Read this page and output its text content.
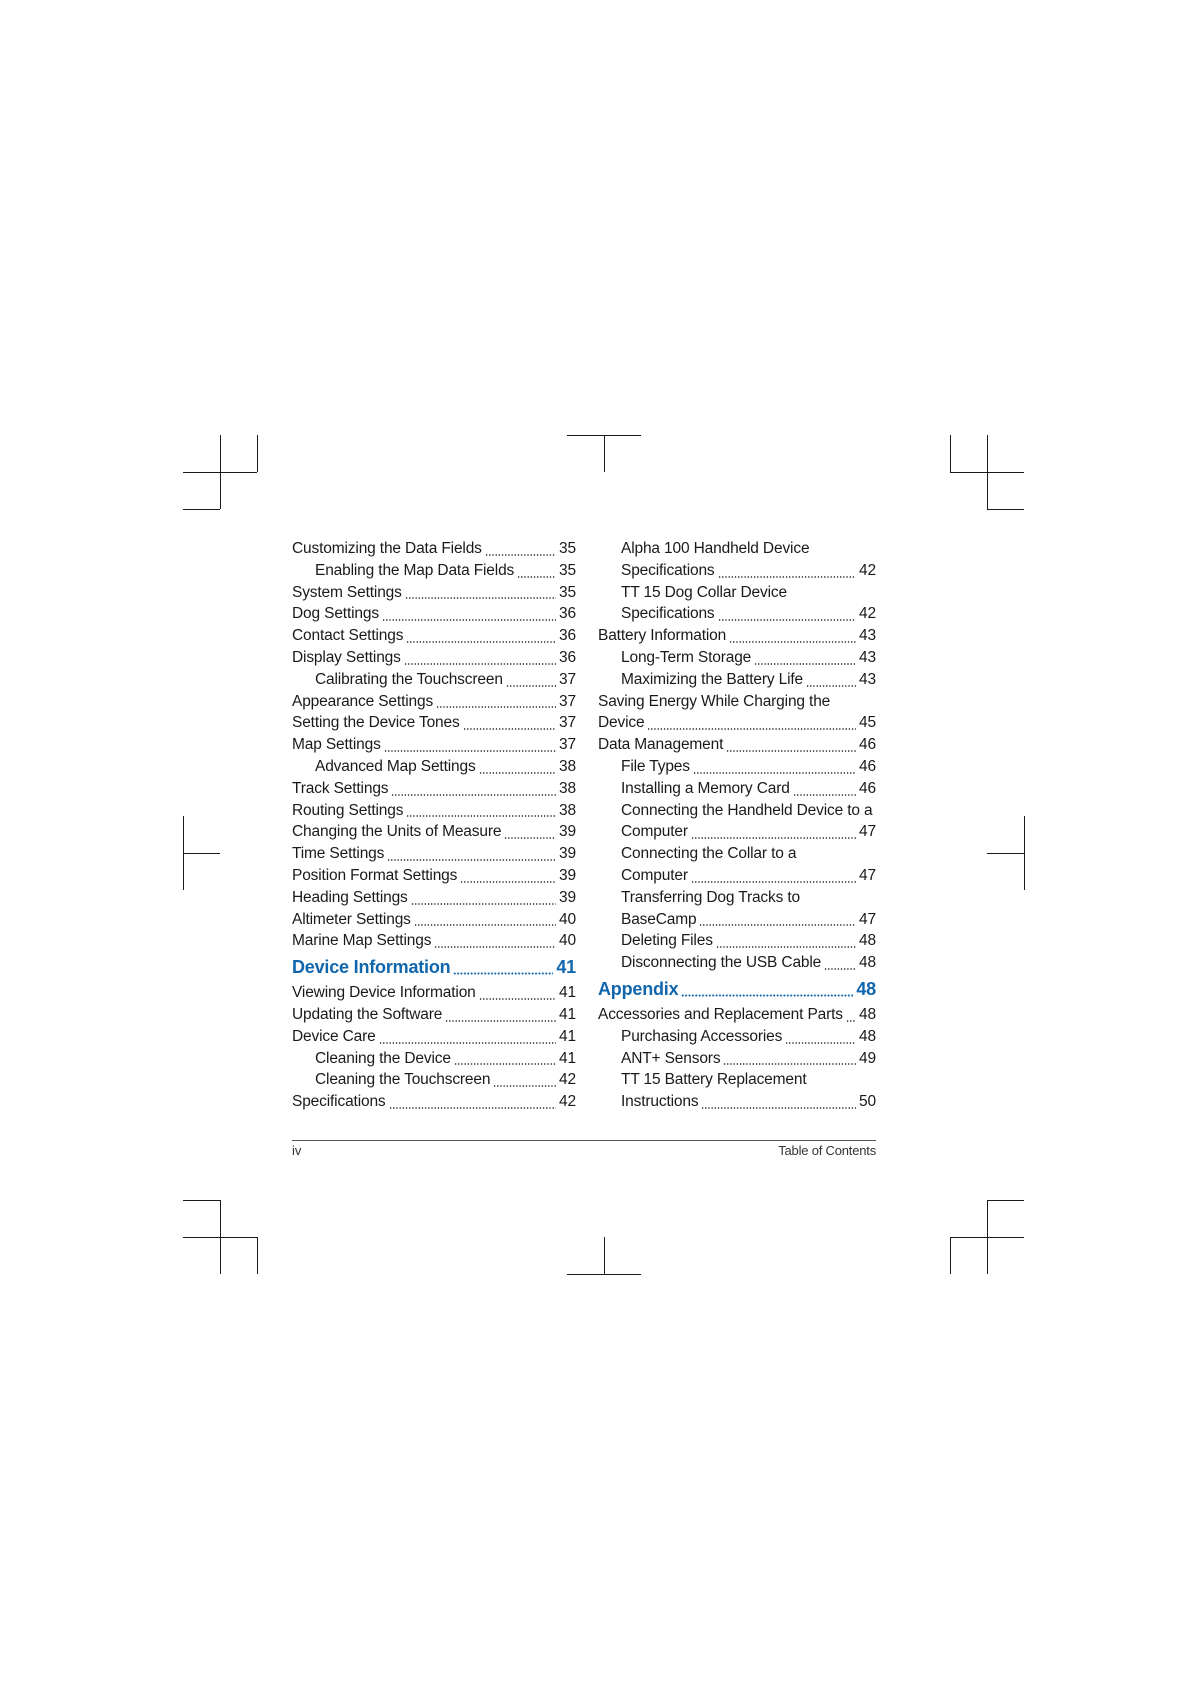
Customizing the Data Fields	35
Enabling the Map Data Fields	35
System Settings	35
Dog Settings	36
Contact Settings	36
Display Settings	36
Calibrating the Touchscreen	37
Appearance Settings	37
Setting the Device Tones	37
Map Settings	37
Advanced Map Settings	38
Track Settings	38
Routing Settings	38
Changing the Units of Measure	39
Time Settings	39
Position Format Settings	39
Heading Settings	39
Altimeter Settings	40
Marine Map Settings	40
Device Information	41
Viewing Device Information	41
Updating the Software	41
Device Care	41
Cleaning the Device	41
Cleaning the Touchscreen	42
Specifications	42
Alpha 100 Handheld Device
Specifications	42
TT 15 Dog Collar Device
Specifications	42
Battery Information	43
Long-Term Storage	43
Maximizing the Battery Life	43
Saving Energy While Charging the
Device	45
Data Management	46
File Types	46
Installing a Memory Card	46
Connecting the Handheld Device to a
Computer	47
Connecting the Collar to a
Computer	47
Transferring Dog Tracks to
BaseCamp	47
Deleting Files	48
Disconnecting the USB Cable 48
Appendix	48
Accessories and Replacement Parts 48
Purchasing Accessories	48
ANT+ Sensors	49
TT 15 Battery Replacement
Instructions	50
iv	Table of Contents
